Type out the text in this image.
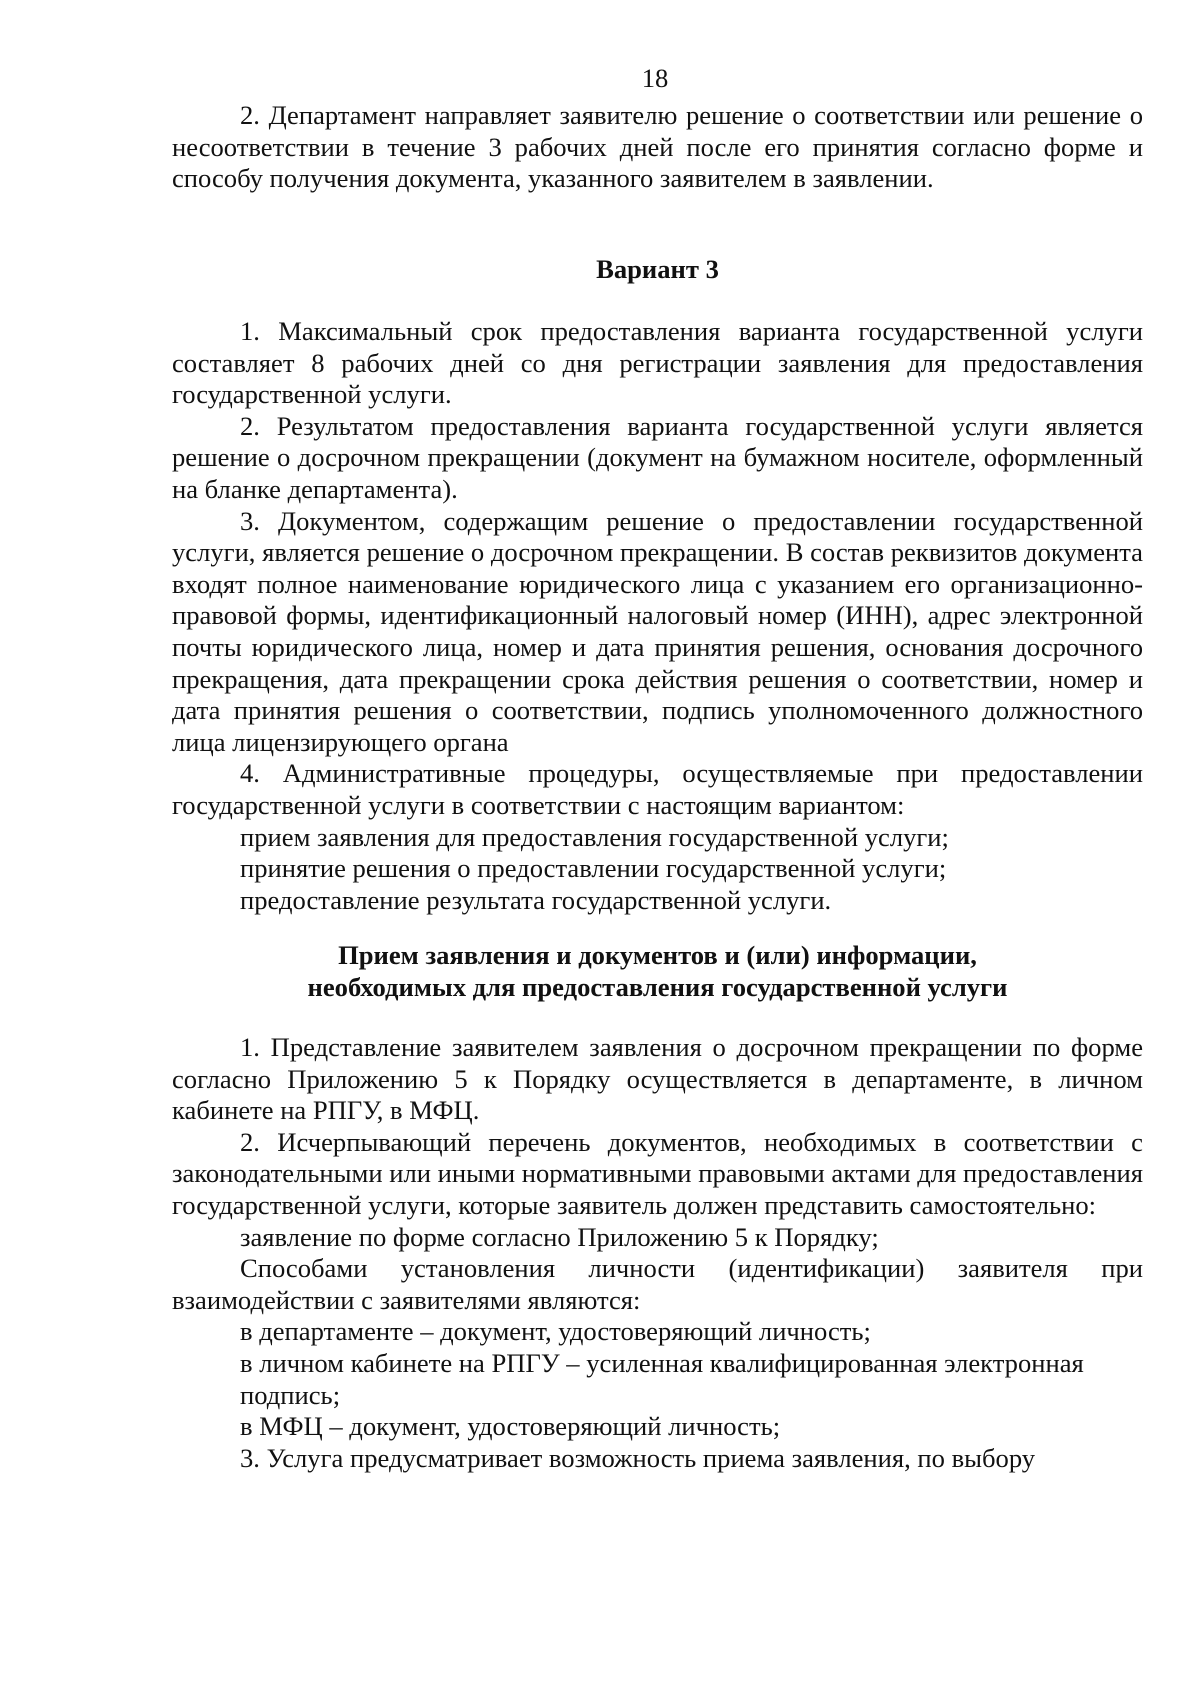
18

2. Департамент направляет заявителю решение о соответствии или решение о несоответствии в течение 3 рабочих дней после его принятия согласно форме и способу получения документа, указанного заявителем в заявлении.

Вариант 3

1. Максимальный срок предоставления варианта государственной услуги составляет 8 рабочих дней со дня регистрации заявления для предоставления государственной услуги.

2. Результатом предоставления варианта государственной услуги является решение о досрочном прекращении (документ на бумажном носителе, оформленный на бланке департамента).

3. Документом, содержащим решение о предоставлении государственной услуги, является решение о досрочном прекращении. В состав реквизитов документа входят полное наименование юридического лица с указанием его организационно-правовой формы, идентификационный налоговый номер (ИНН), адрес электронной почты юридического лица, номер и дата принятия решения, основания досрочного прекращения, дата прекращении срока действия решения о соответствии, номер и дата принятия решения о соответствии, подпись уполномоченного должностного лица лицензирующего органа

4. Административные процедуры, осуществляемые при предоставлении государственной услуги в соответствии с настоящим вариантом:

прием заявления для предоставления государственной услуги;

принятие решения о предоставлении государственной услуги;

предоставление результата государственной услуги.

Прием заявления и документов и (или) информации,
необходимых для предоставления государственной услуги

1. Представление заявителем заявления о досрочном прекращении по форме согласно Приложению 5 к Порядку осуществляется в департаменте, в личном кабинете на РПГУ, в МФЦ.

2. Исчерпывающий перечень документов, необходимых в соответствии с законодательными или иными нормативными правовыми актами для предоставления государственной услуги, которые заявитель должен представить самостоятельно:

заявление по форме согласно Приложению 5 к Порядку;

Способами установления личности (идентификации) заявителя при взаимодействии с заявителями являются:

в департаменте – документ, удостоверяющий личность;

в личном кабинете на РПГУ – усиленная квалифицированная электронная подпись;

в МФЦ – документ, удостоверяющий личность;

3. Услуга предусматривает возможность приема заявления, по выбору
